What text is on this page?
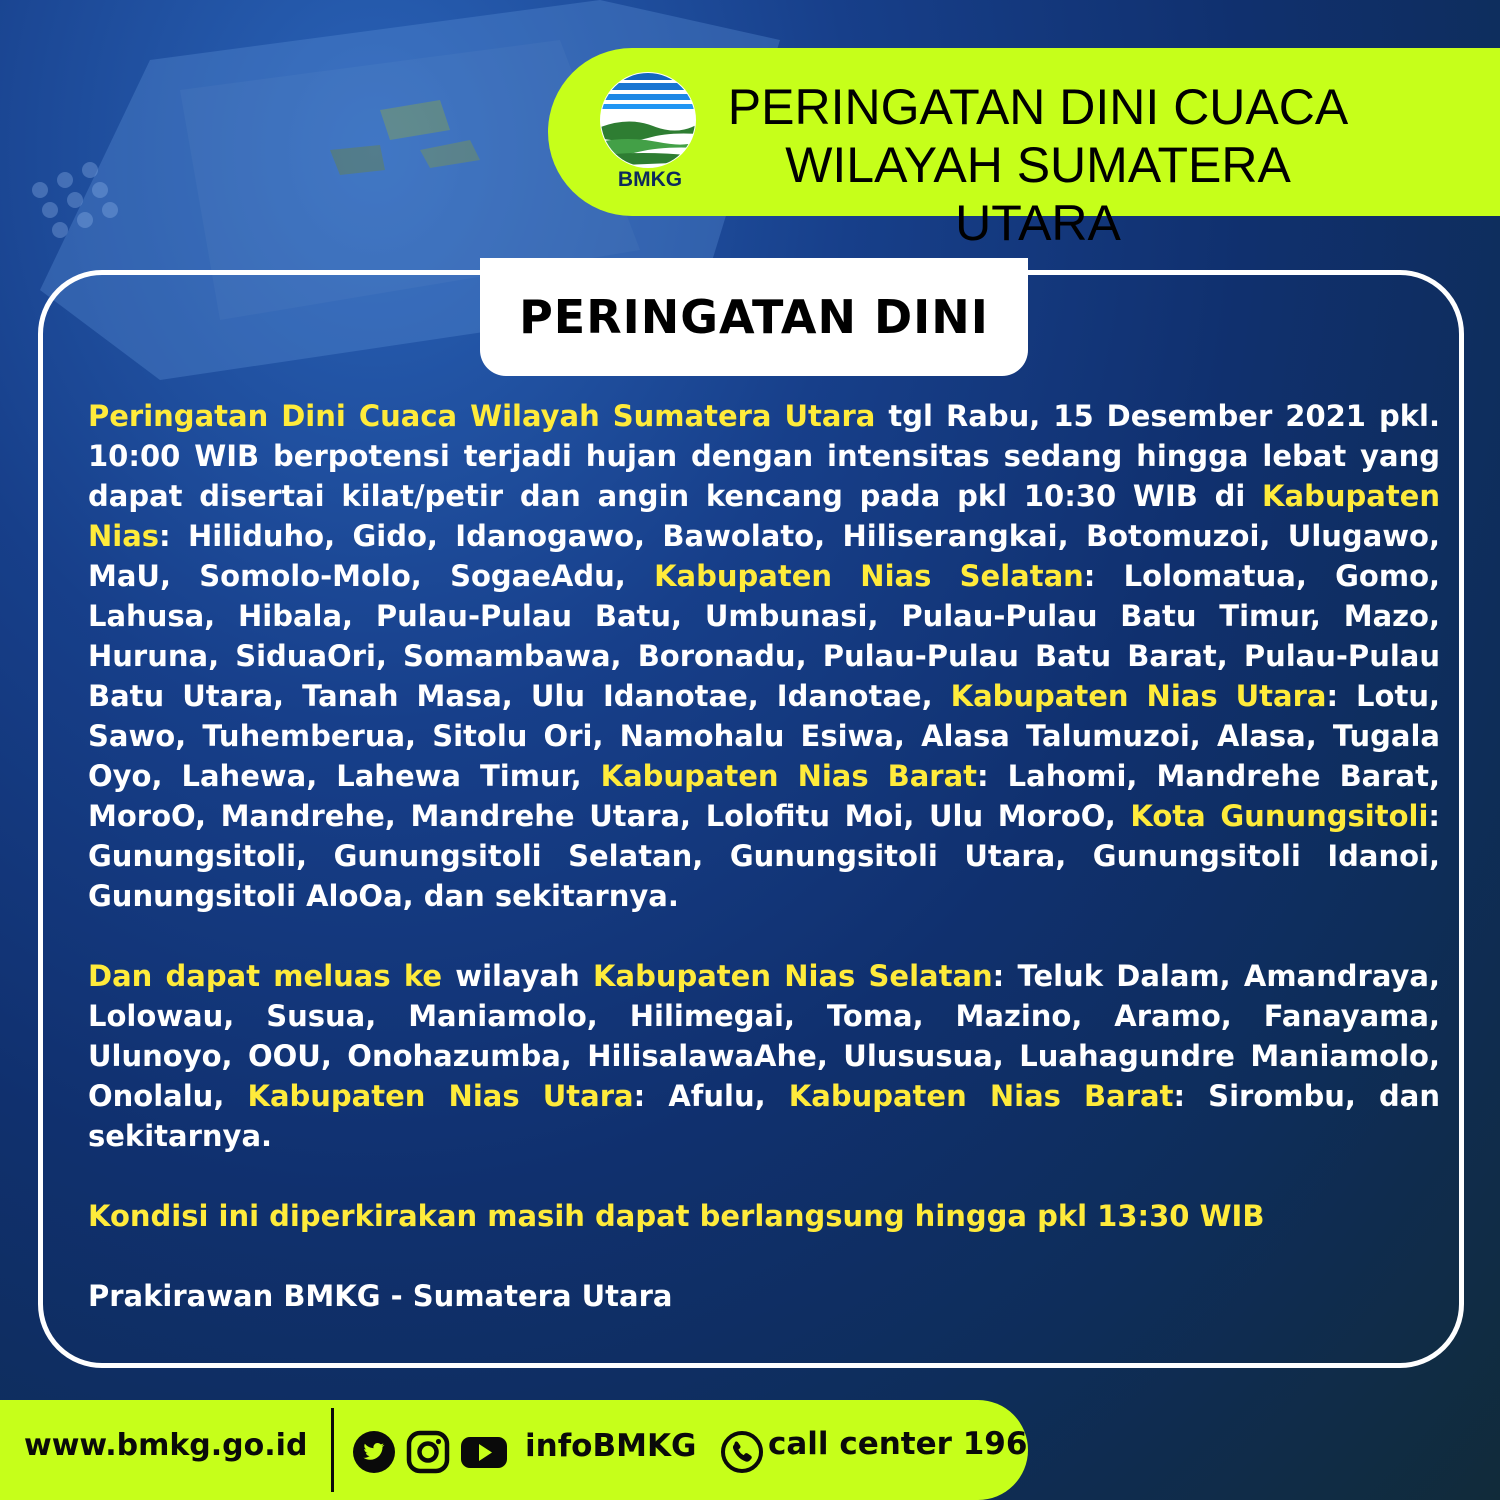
BMKG
PERINGATAN DINI CUACA
WILAYAH SUMATERA UTARA
PERINGATAN DINI

Peringatan Dini Cuaca Wilayah Sumatera Utara tgl Rabu, 15 Desember 2021 pkl. 10:00 WIB berpotensi terjadi hujan dengan intensitas sedang hingga lebat yang dapat disertai kilat/petir dan angin kencang pada pkl 10:30 WIB di Kabupaten Nias: Hiliduho, Gido, Idanogawo, Bawolato, Hiliserangkai, Botomuzoi, Ulugawo, MaU, Somolo-Molo, SogaeAdu, Kabupaten Nias Selatan: Lolomatua, Gomo, Lahusa, Hibala, Pulau-Pulau Batu, Umbunasi, Pulau-Pulau Batu Timur, Mazo, Huruna, SiduaOri, Somambawa, Boronadu, Pulau-Pulau Batu Barat, Pulau-Pulau Batu Utara, Tanah Masa, Ulu Idanotae, Idanotae, Kabupaten Nias Utara: Lotu, Sawo, Tuhemberua, Sitolu Ori, Namohalu Esiwa, Alasa Talumuzoi, Alasa, Tugala Oyo, Lahewa, Lahewa Timur, Kabupaten Nias Barat: Lahomi, Mandrehe Barat, MoroO, Mandrehe, Mandrehe Utara, Lolofitu Moi, Ulu MoroO, Kota Gunungsitoli: Gunungsitoli, Gunungsitoli Selatan, Gunungsitoli Utara, Gunungsitoli Idanoi, Gunungsitoli AloOa, dan sekitarnya.

Dan dapat meluas ke wilayah Kabupaten Nias Selatan: Teluk Dalam, Amandraya, Lolowau, Susua, Maniamolo, Hilimegai, Toma, Mazino, Aramo, Fanayama, Ulunoyo, OOU, Onohazumba, HilisalawaAhe, Ulususua, Luahagundre Maniamolo, Onolalu, Kabupaten Nias Utara: Afulu, Kabupaten Nias Barat: Sirombu, dan sekitarnya.

Kondisi ini diperkirakan masih dapat berlangsung hingga pkl 13:30 WIB

Prakirawan BMKG - Sumatera Utara

www.bmkg.go.id	infoBMKG call center 196
